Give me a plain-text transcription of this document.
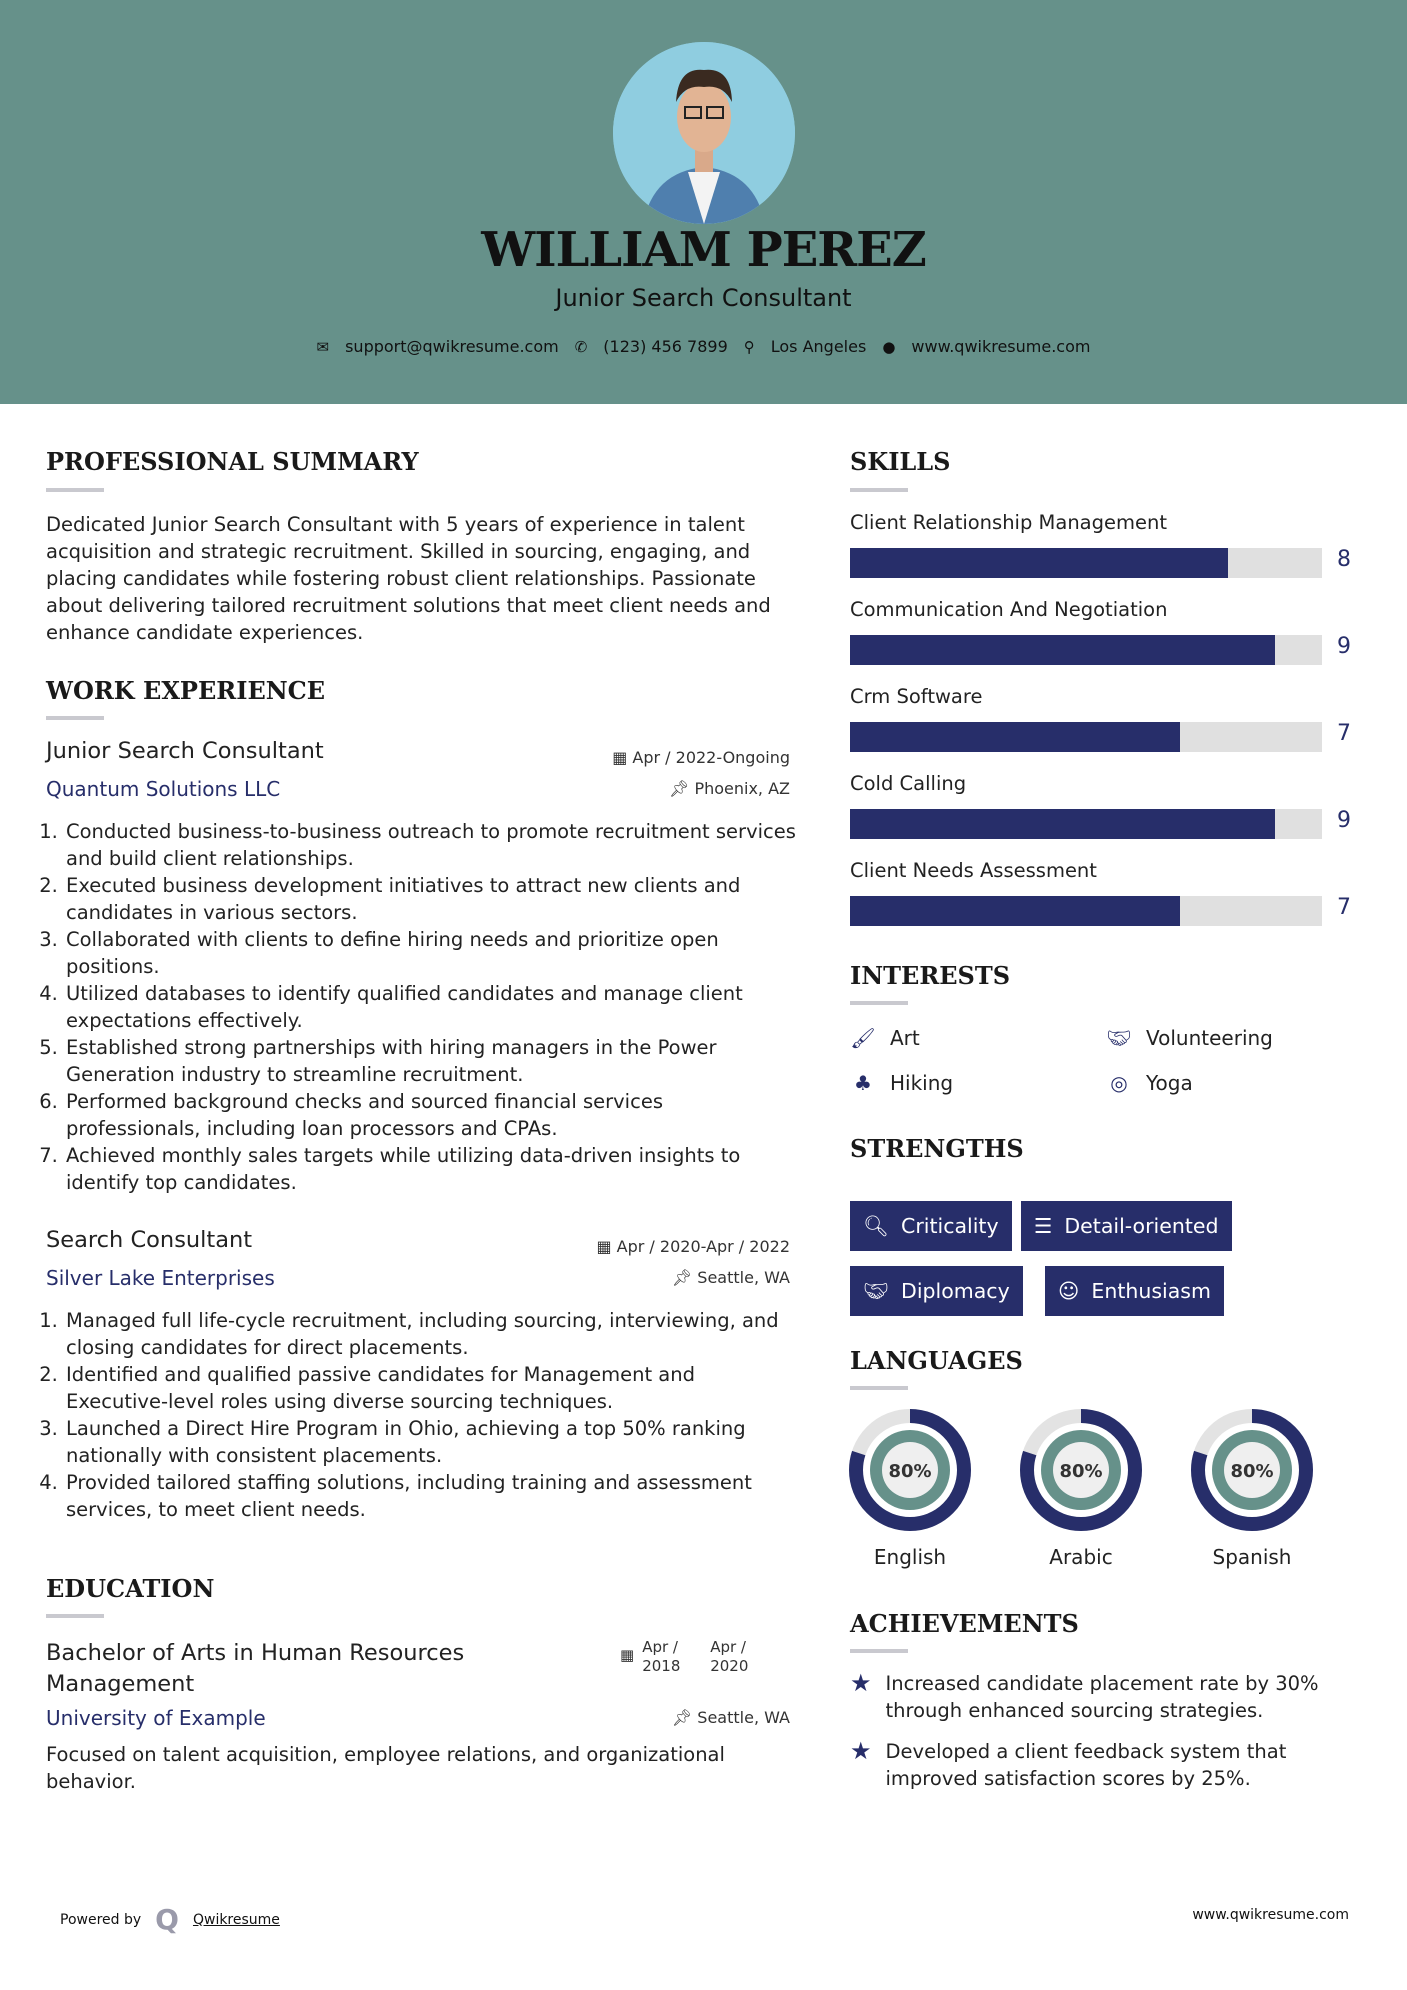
WILLIAM PEREZ
Junior Search Consultant
✉ support@qwikresume.com ✆ (123) 456 7899 ⚲ Los Angeles ● www.qwikresume.com
PROFESSIONAL SUMMARY
Dedicated Junior Search Consultant with 5 years of experience in talent acquisition and strategic recruitment. Skilled in sourcing, engaging, and placing candidates while fostering robust client relationships. Passionate about delivering tailored recruitment solutions that meet client needs and enhance candidate experiences.
WORK EXPERIENCE
Junior Search Consultant	▦ Apr / 2022-Ongoing
Quantum Solutions LLC	📌︎ Phoenix, AZ
1. Conducted business-to-business outreach to promote recruitment services and build client relationships.
2. Executed business development initiatives to attract new clients and candidates in various sectors.
3. Collaborated with clients to define hiring needs and prioritize open positions.
4. Utilized databases to identify qualified candidates and manage client expectations effectively.
5. Established strong partnerships with hiring managers in the Power Generation industry to streamline recruitment.
6. Performed background checks and sourced financial services professionals, including loan processors and CPAs.
7. Achieved monthly sales targets while utilizing data-driven insights to identify top candidates.
Search Consultant	▦ Apr / 2020-Apr / 2022
Silver Lake Enterprises	📌︎ Seattle, WA
1. Managed full life-cycle recruitment, including sourcing, interviewing, and closing candidates for direct placements.
2. Identified and qualified passive candidates for Management and Executive-level roles using diverse sourcing techniques.
3. Launched a Direct Hire Program in Ohio, achieving a top 50% ranking nationally with consistent placements.
4. Provided tailored staffing solutions, including training and assessment services, to meet client needs.
EDUCATION
Bachelor of Arts in Human Resources Management
▦ Apr / 2018
Apr / 2020
University of Example	📌︎ Seattle, WA
Focused on talent acquisition, employee relations, and organizational behavior.
SKILLS
Client Relationship Management
8
Communication And Negotiation
9
Crm Software
7
Cold Calling
9
Client Needs Assessment
7
INTERESTS
🖌︎ Art	🤝︎ Volunteering
♣ Hiking	◎ Yoga
STRENGTHS
🔍︎ Criticality ☰ Detail-oriented
🤝︎ Diplomacy ☺ Enthusiasm
LANGUAGES
80%
English
80%
Arabic
80%
Spanish
ACHIEVEMENTS
★ Increased candidate placement rate by 30% through enhanced sourcing strategies.
★ Developed a client feedback system that improved satisfaction scores by 25%.
Powered by Q Qwikresume	www.qwikresume.com
